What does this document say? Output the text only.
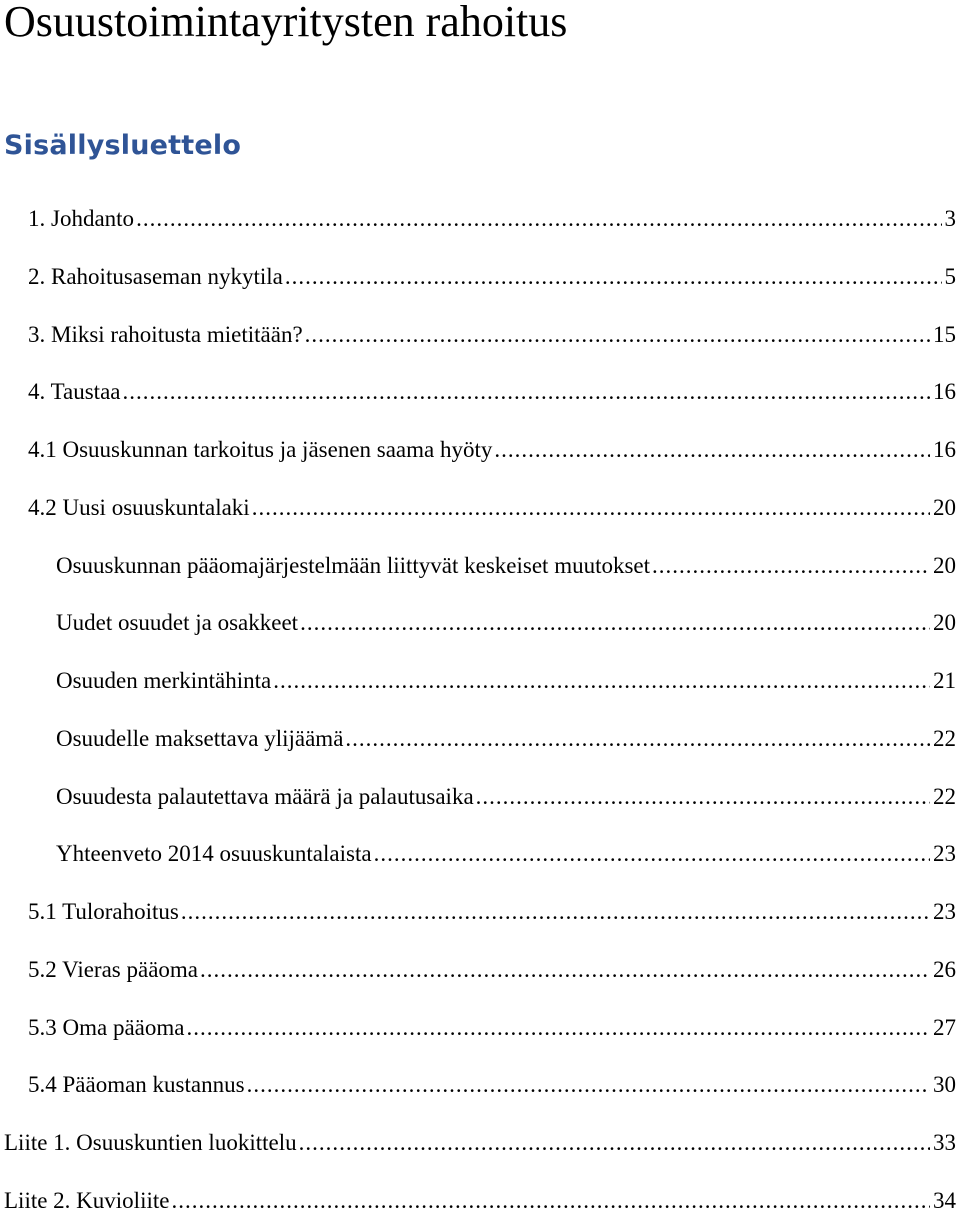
Osuustoimintayritysten rahoitus
Sisällysluettelo
1. Johdanto .....	3
2. Rahoitusaseman nykytila .....	5
3. Miksi rahoitusta mietitään? .....	15
4. Taustaa .....	16
4.1 Osuuskunnan tarkoitus ja jäsenen saama hyöty .....	16
4.2 Uusi osuuskuntalaki .....	20
Osuuskunnan pääomajärjestelmään liittyvät keskeiset muutokset .....	20
Uudet osuudet ja osakkeet .....	20
Osuuden merkintähinta .....	21
Osuudelle maksettava ylijäämä .....	22
Osuudesta palautettava määrä ja palautusaika .....	22
Yhteenveto 2014 osuuskuntalaista .....	23
5.1 Tulorahoitus .....	23
5.2 Vieras pääoma .....	26
5.3 Oma pääoma .....	27
5.4 Pääoman kustannus .....	30
Liite 1. Osuuskuntien luokittelu .....	33
Liite 2. Kuvioliite .....	34
